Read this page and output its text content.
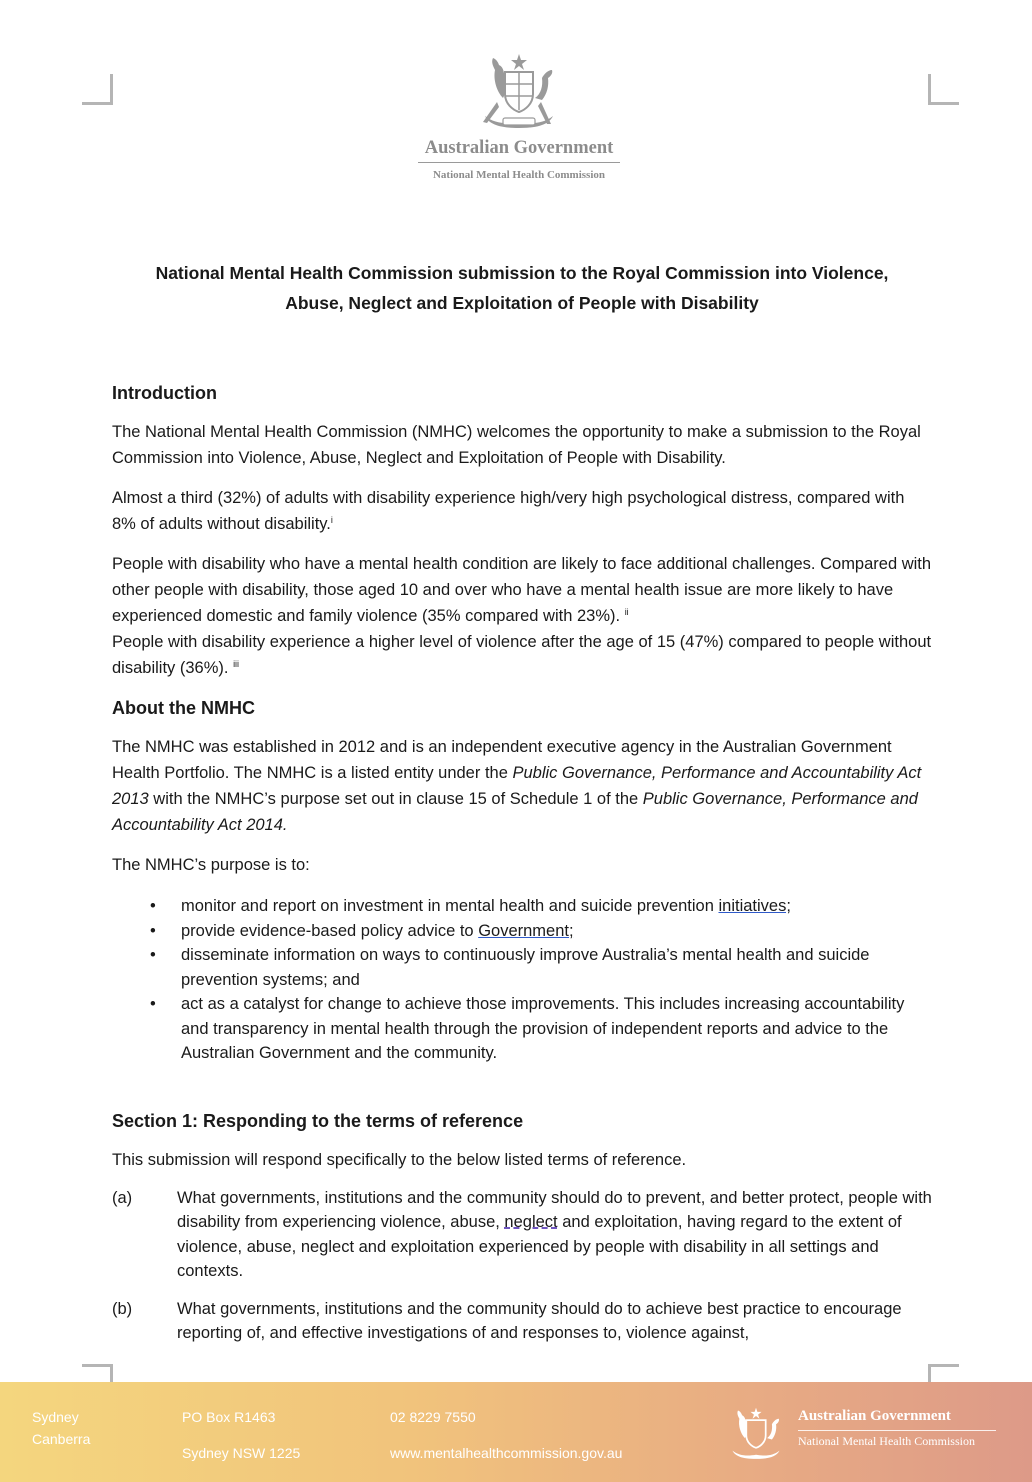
Australian Government
National Mental Health Commission

National Mental Health Commission submission to the Royal Commission into Violence,
Abuse, Neglect and Exploitation of People with Disability

Introduction

The National Mental Health Commission (NMHC) welcomes the opportunity to make a submission to the Royal Commission into Violence, Abuse, Neglect and Exploitation of People with Disability.

Almost a third (32%) of adults with disability experience high/very high psychological distress, compared with 8% of adults without disability.$^i$

People with disability who have a mental health condition are likely to face additional challenges. Compared with other people with disability, those aged 10 and over who have a mental health issue are more likely to have experienced domestic and family violence (35% compared with 23%). $^{ii}$
People with disability experience a higher level of violence after the age of 15 (47%) compared to people without disability (36%). $^{iii}$

About the NMHC

The NMHC was established in 2012 and is an independent executive agency in the Australian Government Health Portfolio. The NMHC is a listed entity under the Public Governance, Performance and Accountability Act 2013 with the NMHC’s purpose set out in clause 15 of Schedule 1 of the Public Governance, Performance and Accountability Act 2014.

The NMHC’s purpose is to:

• monitor and report on investment in mental health and suicide prevention initiatives;
• provide evidence-based policy advice to Government;
• disseminate information on ways to continuously improve Australia’s mental health and suicide prevention systems; and
• act as a catalyst for change to achieve those improvements. This includes increasing accountability and transparency in mental health through the provision of independent reports and advice to the Australian Government and the community.
Section 1: Responding to the terms of reference

This submission will respond specifically to the below listed terms of reference.

(a)	What governments, institutions and the community should do to prevent, and better protect, people with disability from experiencing violence, abuse, neglect and exploitation, having regard to the extent of violence, abuse, neglect and exploitation experienced by people with disability in all settings and contexts.
(b)	What governments, institutions and the community should do to achieve best practice to encourage reporting of, and effective investigations of and responses to, violence against,
Sydney
Canberra
PO Box R1463
Sydney NSW 1225
02 8229 7550
www.mentalhealthcommission.gov.au
Australian Government
National Mental Health Commission
